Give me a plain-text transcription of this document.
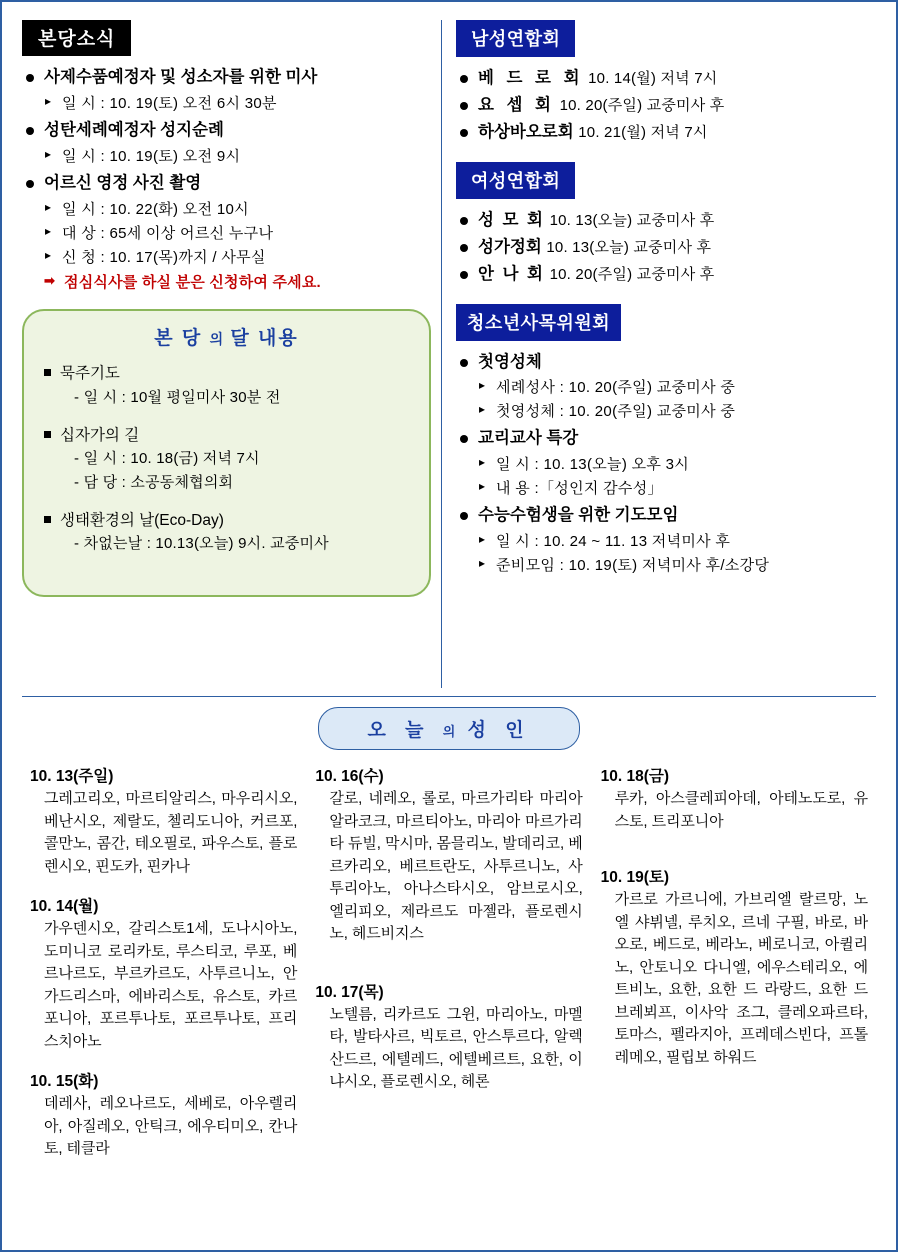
본당소식
사제수품예정자 및 성소자를 위한 미사
▸ 일 시 : 10. 19(토) 오전 6시 30분
성탄세례예정자 성지순례
▸ 일 시 : 10. 19(토) 오전 9시
어르신 영정 사진 촬영
▸ 일 시 : 10. 22(화) 오전 10시
▸ 대 상 : 65세 이상 어르신 누구나
▸ 신 청 : 10. 17(목)까지 / 사무실
➡ 점심식사를 하실 분은 신청하여 주세요.
본 당 의 달 내용
묵주기도
- 일 시 : 10월 평일미사 30분 전
십자가의 길
- 일 시 : 10. 18(금) 저녁 7시
- 담 당 : 소공동체협의회
생태환경의 날(Eco-Day)
- 차없는날 : 10.13(오늘) 9시. 교중미사
남성연합회
베 드 로 회 10. 14(월) 저녁 7시
요 셉 회 10. 20(주일) 교중미사 후
하상바오로회 10. 21(월) 저녁 7시
여성연합회
성 모 회 10. 13(오늘) 교중미사 후
성가정회 10. 13(오늘) 교중미사 후
안 나 회 10. 20(주일) 교중미사 후
청소년사목위원회
첫영성체
▸ 세례성사 : 10. 20(주일) 교중미사 중
▸ 첫영성체 : 10. 20(주일) 교중미사 중
교리교사 특강
▸ 일 시 : 10. 13(오늘) 오후 3시
▸ 내 용 :「성인지 감수성」
수능수험생을 위한 기도모임
▸ 일 시 : 10. 24 ~ 11. 13 저녁미사 후
▸ 준비모임 : 10. 19(토) 저녁미사 후/소강당
오 늘 의 성 인
10. 13(주일)
그레고리오, 마르티알리스, 마우리시오, 베난시오, 제랄도, 첼리도니아, 커르포, 콜만노, 콤간, 테오필로, 파우스토, 플로렌시오, 핀도카, 핀카나
10. 14(월)
가우덴시오, 갈리스토1세, 도나시아노, 도미니코 로리카토, 루스티코, 루포, 베르나르도, 부르카르도, 사투르니노, 안가드리스마, 에바리스토, 유스토, 카르포니아, 포르투나토, 포르투나토, 프리스치아노
10. 15(화)
데레사, 레오나르도, 세베로, 아우렐리아, 아질레오, 안틱크, 에우티미오, 칸나토, 테클라
10. 16(수)
갈로, 네레오, 롤로, 마르가리타 마리아 알라코크, 마르티아노, 마리아 마르가리타 듀빌, 막시마, 몸믈리노, 발데리코, 베르카리오, 베르트란도, 사투르니노, 사투리아노, 아나스타시오, 암브로시오, 엘리피오, 제라르도 마젤라, 플로렌시노, 헤드비지스
10. 17(목)
노텔름, 리카르도 그윈, 마리아노, 마멜타, 발타사르, 빅토르, 안스투르다, 알렉산드르, 에텔레드, 에텔베르트, 요한, 이냐시오, 플로렌시오, 헤론
10. 18(금)
루카, 아스클레피아데, 아테노도로, 유스토, 트리포니아
10. 19(토)
가르로 가르니에, 가브리엘 랄르망, 노엘 샤뷔넬, 루치오, 르네 구필, 바로, 바오로, 베드로, 베라노, 베로니코, 아퀼리노, 안토니오 다니엘, 에우스테리오, 에트비노, 요한, 요한 드 라랑드, 요한 드 브레뵈프, 이사악 조그, 클레오파르타, 토마스, 펠라지아, 프레데스빈다, 프톨레메오, 필립보 하워드
